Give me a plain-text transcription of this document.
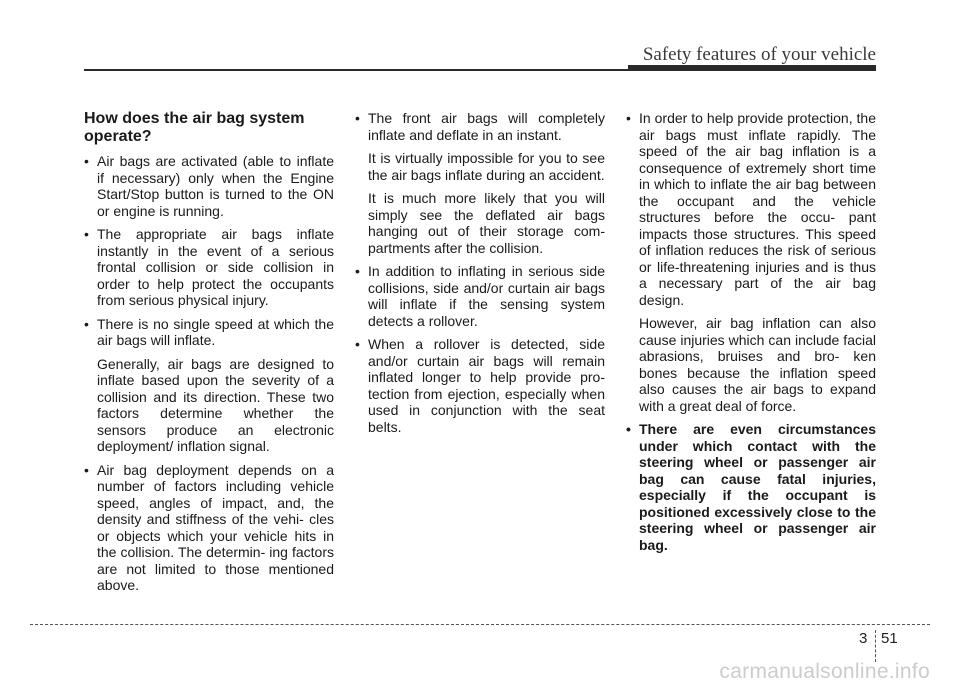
Safety features of your vehicle
How does the air bag system operate?
• Air bags are activated (able to inflate if necessary) only when the Engine Start/Stop button is turned to the ON or engine is running.
• The appropriate air bags inflate instantly in the event of a serious frontal collision or side collision in order to help protect the occupants from serious physical injury.
• There is no single speed at which the air bags will inflate.
Generally, air bags are designed to inflate based upon the severity of a collision and its direction. These two factors determine whether the sensors produce an electronic deployment/ inflation signal.
• Air bag deployment depends on a number of factors including vehicle speed, angles of impact, and, the density and stiffness of the vehi- cles or objects which your vehicle hits in the collision. The determin- ing factors are not limited to those mentioned above.
• The front air bags will completely inflate and deflate in an instant.
It is virtually impossible for you to see the air bags inflate during an accident.
It is much more likely that you will simply see the deflated air bags hanging out of their storage com- partments after the collision.
• In addition to inflating in serious side collisions, side and/or curtain air bags will inflate if the sensing system detects a rollover.
• When a rollover is detected, side and/or curtain air bags will remain inflated longer to help provide pro- tection from ejection, especially when used in conjunction with the seat belts.
• In order to help provide protection, the air bags must inflate rapidly. The speed of the air bag inflation is a consequence of extremely short time in which to inflate the air bag between the occupant and the vehicle structures before the occu- pant impacts those structures. This speed of inflation reduces the risk of serious or life-threatening injuries and is thus a necessary part of the air bag design.
However, air bag inflation can also cause injuries which can include facial abrasions, bruises and bro- ken bones because the inflation speed also causes the air bags to expand with a great deal of force.
• There are even circumstances under which contact with the steering wheel or passenger air bag can cause fatal injuries, especially if the occupant is positioned excessively close to the steering wheel or passenger air bag.
3 51
carmanualsonline.info
